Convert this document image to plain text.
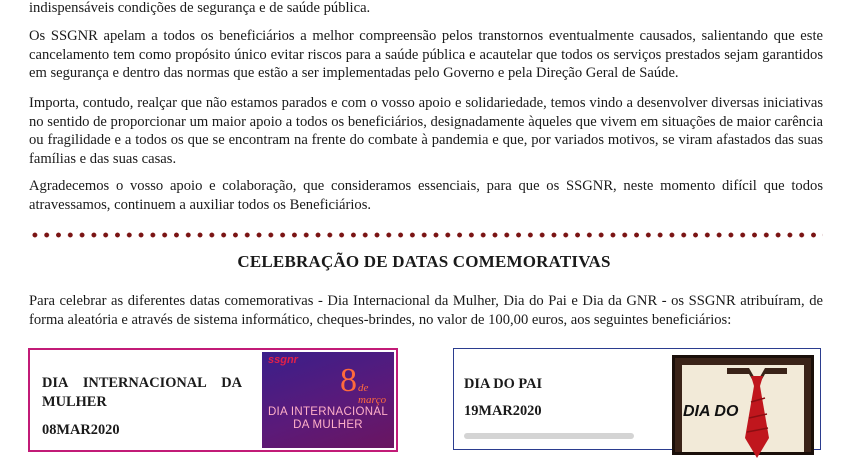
indispensáveis condições de segurança e de saúde pública.

Os SSGNR apelam a todos os beneficiários a melhor compreensão pelos transtornos eventualmente causados, salientando que este cancelamento tem como propósito único evitar riscos para a saúde pública e acautelar que todos os serviços prestados sejam garantidos em segurança e dentro das normas que estão a ser implementadas pelo Governo e pela Direção Geral de Saúde.

Importa, contudo, realçar que não estamos parados e com o vosso apoio e solidariedade, temos vindo a desenvolver diversas iniciativas no sentido de proporcionar um maior apoio a todos os beneficiários, designadamente àqueles que vivem em situações de maior carência ou fragilidade e a todos os que se encontram na frente do combate à pandemia e que, por variados motivos, se viram afastados das suas famílias e das suas casas.

Agradecemos o vosso apoio e colaboração, que consideramos essenciais, para que os SSGNR, neste momento difícil que todos atravessamos, continuem a auxiliar todos os Beneficiários.

CELEBRAÇÃO DE DATAS COMEMORATIVAS

Para celebrar as diferentes datas comemorativas - Dia Internacional da Mulher, Dia do Pai e Dia da GNR - os SSGNR atribuíram, de forma aleatória e através de sistema informático, cheques-brindes, no valor de 100,00 euros, aos seguintes beneficiários:

DIA INTERNACIONAL DA MULHER
08MAR2020
ssgnr
8 de março
DIA INTERNACIONAL DA MULHER
DIA DO PAI
19MAR2020	DIA DO
